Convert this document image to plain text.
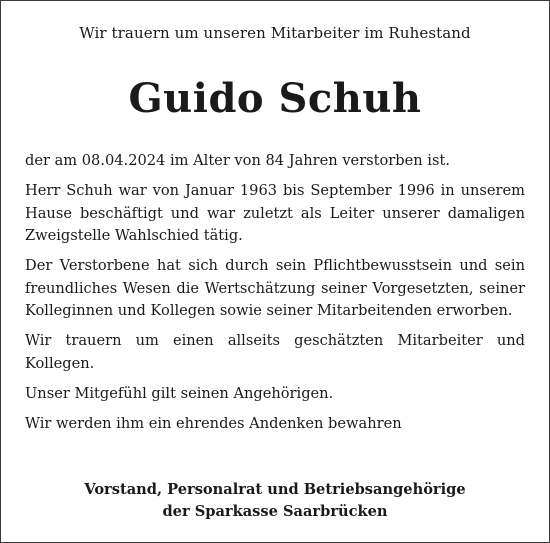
Wir trauern um unseren Mitarbeiter im Ruhestand
Guido Schuh

der am 08.04.2024 im Alter von 84 Jahren verstorben ist.

Herr Schuh war von Januar 1963 bis September 1996 in unserem Hause beschäftigt und war zuletzt als Leiter unserer damaligen Zweigstelle Wahlschied tätig.

Der Verstorbene hat sich durch sein Pflichtbewusstsein und sein freundliches Wesen die Wertschätzung seiner Vorgesetzten, seiner Kolleginnen und Kollegen sowie seiner Mitarbeitenden erworben.

Wir trauern um einen allseits geschätzten Mitarbeiter und Kollegen.

Unser Mitgefühl gilt seinen Angehörigen.

Wir werden ihm ein ehrendes Andenken bewahren

Vorstand, Personalrat und Betriebsangehörige
der Sparkasse Saarbrücken
